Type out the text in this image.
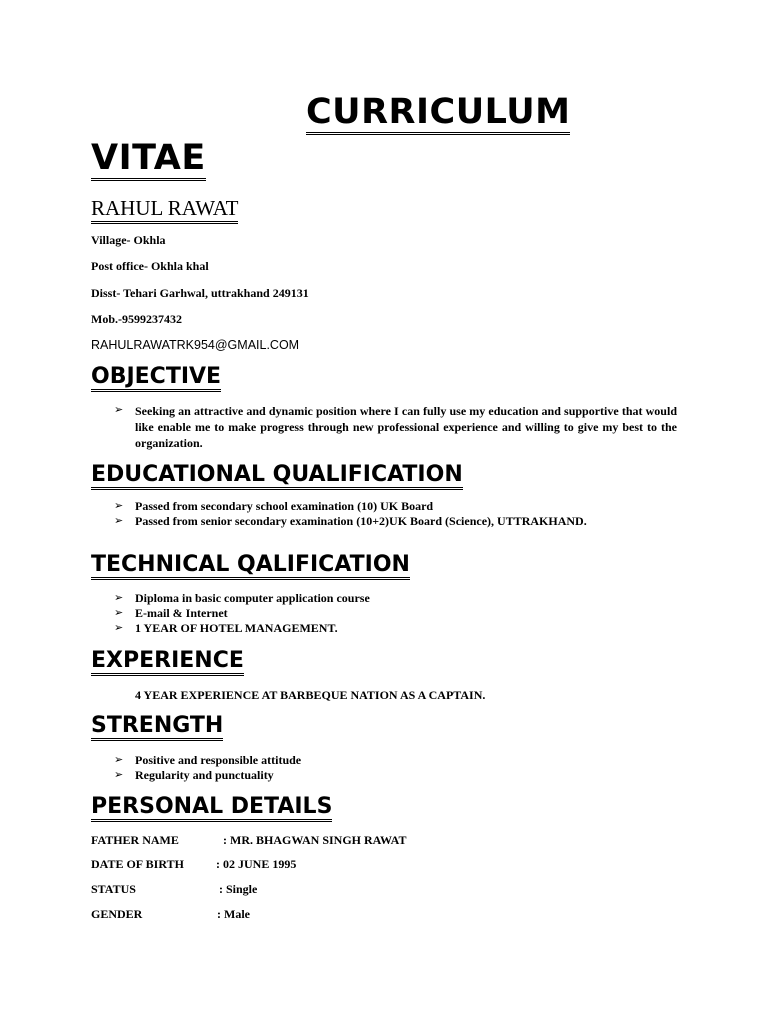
CURRICULUM
VITAE
RAHUL RAWAT
Village- Okhla
Post office- Okhla khal
Disst- Tehari Garhwal, uttrakhand 249131
Mob.-9599237432
RAHULRAWATRK954@GMAIL.COM
OBJECTIVE
➢ Seeking an attractive and dynamic position where I can fully use my education and supportive that would like enable me to make progress through new professional experience and willing to give my best to the organization.
EDUCATIONAL QUALIFICATION
➢ Passed from secondary school examination (10) UK Board
➢ Passed from senior secondary examination (10+2)UK Board (Science), UTTRAKHAND.
TECHNICAL QALIFICATION
➢ Diploma in basic computer application course
➢ E-mail & Internet
➢ 1 YEAR OF HOTEL MANAGEMENT.
EXPERIENCE
4 YEAR EXPERIENCE AT BARBEQUE NATION AS A CAPTAIN.
STRENGTH
➢ Positive and responsible attitude
➢ Regularity and punctuality
PERSONAL DETAILS
FATHER NAME	: MR. BHAGWAN SINGH RAWAT
DATE OF BIRTH	: 02 JUNE 1995
STATUS	: Single
GENDER	: Male
